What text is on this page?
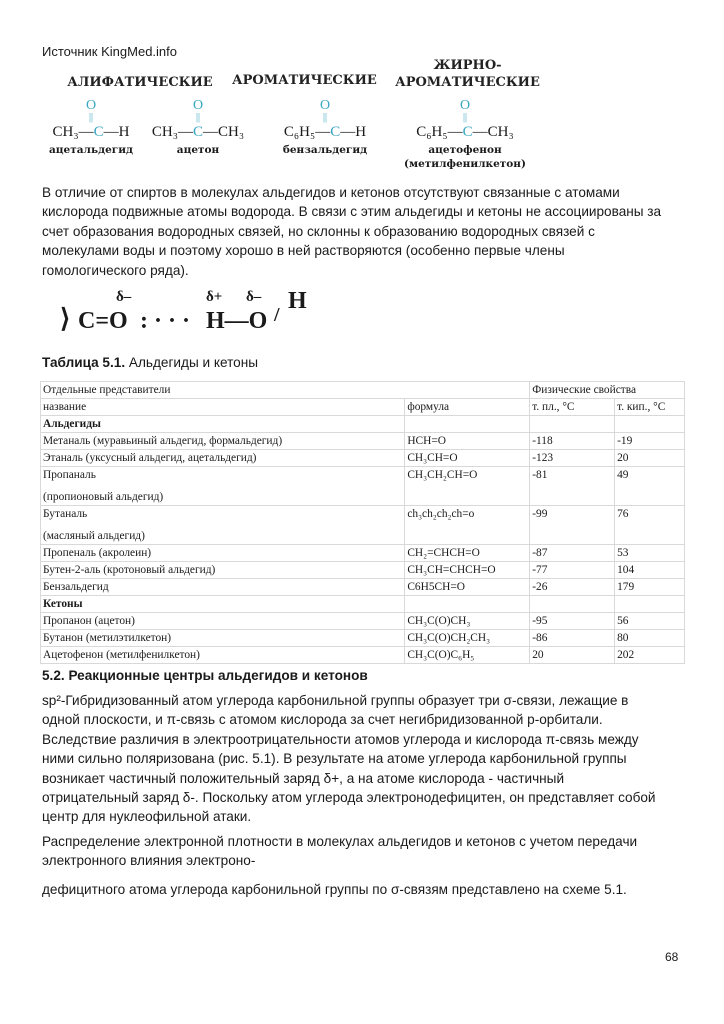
Источник KingMed.info
АЛИФАТИЧЕСКИЕ	АРОМАТИЧЕСКИЕ
ЖИРНО-
АРОМАТИЧЕСКИЕ
O
||
CH₃—C—H
ацетальдегид
O
||
CH₃—C—CH₃
ацетон
O
||
C₆H₅—C—H
бензальдегид
O
||
C₆H₅—C—CH₃
ацетофенон
(метилфенилкетон)
В отличие от спиртов в молекулах альдегидов и кетонов отсутствуют связанные с атомами
кислорода подвижные атомы водорода. В связи с этим альдегиды и кетоны не ассоциированы за
счет образования водородных связей, но склонны к образованию водородных связей с
молекулами воды и поэтому хорошо в ней растворяются (особенно первые члены
гомологического ряда).
⟩ C=O
δ–
: · · ·
δ+ δ–
H—O /
H
Таблица 5.1. Альдегиды и кетоны
Отдельные представители		Физические свойства	
название	формула	т. пл., °C	т. кип., °C
Альдегиды			
Метаналь (муравьиный альдегид, формальдегид)	HCH=O	-118	-19
Этаналь (уксусный альдегид, ацетальдегид)	CH₃CH=O	-123	20
Пропаналь
(пропионовый альдегид)	CH₃CH₂CH=O	-81	49
Бутаналь
(масляный альдегид)	ch₃ch₂ch₂ch=o	-99	76
Пропеналь (акролеин)	CH₂=CHCH=O	-87	53
Бутен-2-аль (кротоновый альдегид)	CH₃CH=CHCH=O	-77	104
Бензальдегид	C6H5CH=O	-26	179
Кетоны			
Пропанон (ацетон)	CH₃C(O)CH₃	-95	56
Бутанон (метилэтилкетон)	CH₃C(O)CH₂CH₃	-86	80
Ацетофенон (метилфенилкетон)	CH₃C(O)C₆H₅	20	202
5.2. Реакционные центры альдегидов и кетонов
sp²-Гибридизованный атом углерода карбонильной группы образует три σ-связи, лежащие в
одной плоскости, и π-связь с атомом кислорода за счет негибридизованной р-орбитали.
Вследствие различия в электроотрицательности атомов углерода и кислорода π-связь между
ними сильно поляризована (рис. 5.1). В результате на атоме углерода карбонильной группы
возникает частичный положительный заряд δ+, а на атоме кислорода - частичный
отрицательный заряд δ-. Поскольку атом углерода электронодефицитен, он представляет собой
центр для нуклеофильной атаки.
Распределение электронной плотности в молекулах альдегидов и кетонов с учетом передачи
электронного влияния электроно-
дефицитного атома углерода карбонильной группы по σ-связям представлено на схеме 5.1.
68
